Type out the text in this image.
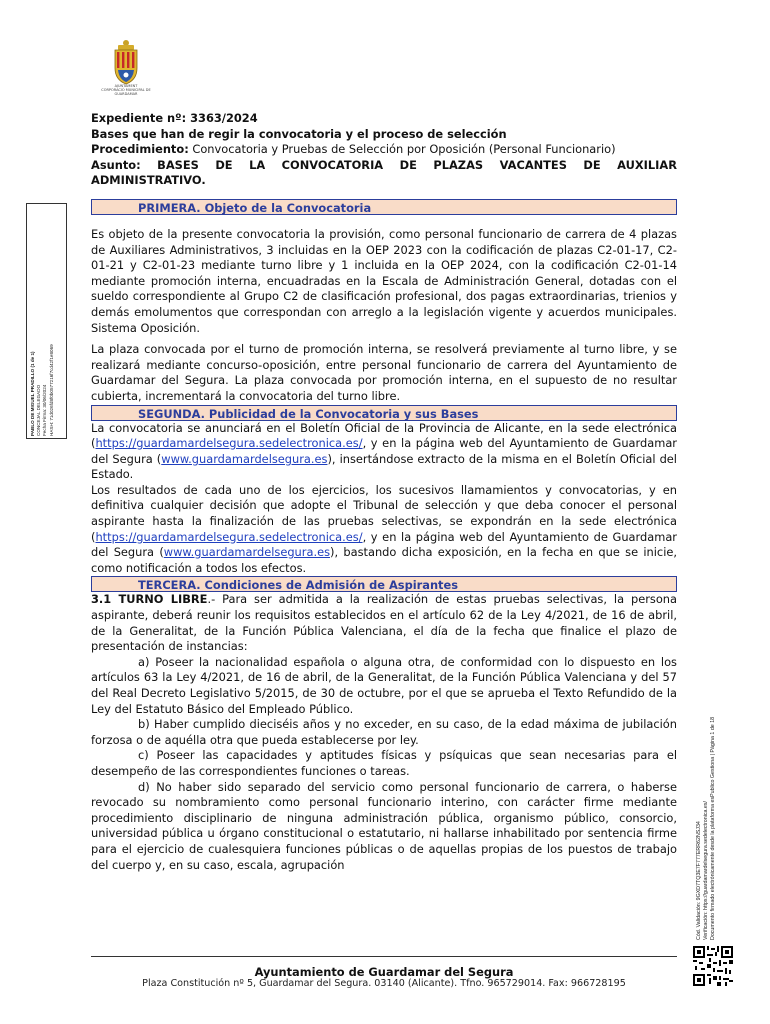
AJUNTAMENT
CORPORACIÓ MUNICIPAL DE GUARDAMAR
PABLO DE MIGUEL PRADILLO (1 de 1) CONCEJAL DELEGADO Fecha Firma: 30/06/2024 HASH: 71d026fd8f0b0577216f7cd42f1e8069
Cód. Validación: 9GXD7TQ3E7F777ERR62NSJ34 Verificación: https://guardamardelsegura.sedelectronica.es/ Documento firmado electrónicamente desde la plataforma esPublico Gestiona | Página 1 de 18

Expediente nº: 3363/2024

Bases que han de regir la convocatoria y el proceso de selección

Procedimiento: Convocatoria y Pruebas de Selección por Oposición (Personal Funcionario)

Asunto: BASES DE LA CONVOCATORIA DE PLAZAS VACANTES DE AUXILIAR ADMINISTRATIVO.

PRIMERA. Objeto de la Convocatoria

Es objeto de la presente convocatoria la provisión, como personal funcionario de carrera de 4 plazas de Auxiliares Administrativos, 3 incluidas en la OEP 2023 con la codificación de plazas C2-01-17, C2-01-21 y C2-01-23 mediante turno libre y 1 incluida en la OEP 2024, con la codificación C2-01-14 mediante promoción interna, encuadradas en la Escala de Administración General, dotadas con el sueldo correspondiente al Grupo C2 de clasificación profesional, dos pagas extraordinarias, trienios y demás emolumentos que correspondan con arreglo a la legislación vigente y acuerdos municipales. Sistema Oposición.

La plaza convocada por el turno de promoción interna, se resolverá previamente al turno libre, y se realizará mediante concurso-oposición, entre personal funcionario de carrera del Ayuntamiento de Guardamar del Segura. La plaza convocada por promoción interna, en el supuesto de no resultar cubierta, incrementará la convocatoria del turno libre.

SEGUNDA. Publicidad de la Convocatoria y sus Bases

La convocatoria se anunciará en el Boletín Oficial de la Provincia de Alicante, en la sede electrónica (https://guardamardelsegura.sedelectronica.es/, y en la página web del Ayuntamiento de Guardamar del Segura (www.guardamardelsegura.es), insertándose extracto de la misma en el Boletín Oficial del Estado.

Los resultados de cada uno de los ejercicios, los sucesivos llamamientos y convocatorias, y en definitiva cualquier decisión que adopte el Tribunal de selección y que deba conocer el personal aspirante hasta la finalización de las pruebas selectivas, se expondrán en la sede electrónica (https://guardamardelsegura.sedelectronica.es/, y en la página web del Ayuntamiento de Guardamar del Segura (www.guardamardelsegura.es), bastando dicha exposición, en la fecha en que se inicie, como notificación a todos los efectos.

TERCERA. Condiciones de Admisión de Aspirantes

3.1 TURNO LIBRE.- Para ser admitida a la realización de estas pruebas selectivas, la persona aspirante, deberá reunir los requisitos establecidos en el artículo 62 de la Ley 4/2021, de 16 de abril, de la Generalitat, de la Función Pública Valenciana, el día de la fecha que finalice el plazo de presentación de instancias:

a) Poseer la nacionalidad española o alguna otra, de conformidad con lo dispuesto en los artículos 63 la Ley 4/2021, de 16 de abril, de la Generalitat, de la Función Pública Valenciana y del 57 del Real Decreto Legislativo 5/2015, de 30 de octubre, por el que se aprueba el Texto Refundido de la Ley del Estatuto Básico del Empleado Público.

b) Haber cumplido dieciséis años y no exceder, en su caso, de la edad máxima de jubilación forzosa o de aquélla otra que pueda establecerse por ley.

c) Poseer las capacidades y aptitudes físicas y psíquicas que sean necesarias para el desempeño de las correspondientes funciones o tareas.

d) No haber sido separado del servicio como personal funcionario de carrera, o haberse revocado su nombramiento como personal funcionario interino, con carácter firme mediante procedimiento disciplinario de ninguna administración pública, organismo público, consorcio, universidad pública u órgano constitucional o estatutario, ni hallarse inhabilitado por sentencia firme para el ejercicio de cualesquiera funciones públicas o de aquellas propias de los puestos de trabajo del cuerpo y, en su caso, escala, agrupación

Ayuntamiento de Guardamar del Segura
Plaza Constitución nº 5, Guardamar del Segura. 03140 (Alicante). Tfno. 965729014. Fax: 966728195
